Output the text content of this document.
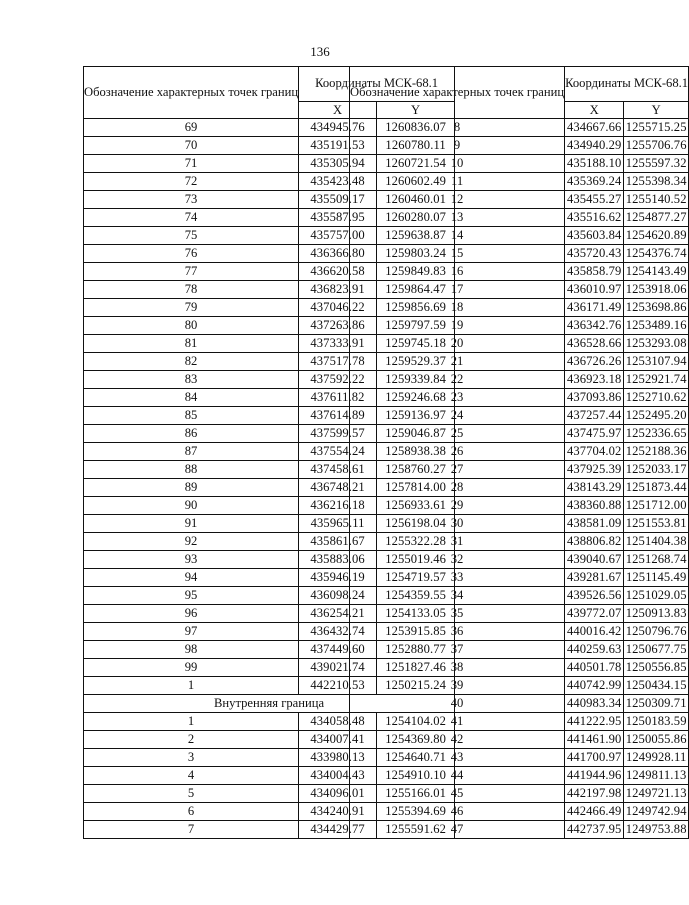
136
Обозначение характерных точек границ	Координаты МСК-68.1	
	X	Y
69	434945.76	1260836.07
70	435191.53	1260780.11
71	435305.94	1260721.54
72	435423.48	1260602.49
73	435509.17	1260460.01
74	435587.95	1260280.07
75	435757.00	1259638.87
76	436366.80	1259803.24
77	436620.58	1259849.83
78	436823.91	1259864.47
79	437046.22	1259856.69
80	437263.86	1259797.59
81	437333.91	1259745.18
82	437517.78	1259529.37
83	437592.22	1259339.84
84	437611.82	1259246.68
85	437614.89	1259136.97
86	437599.57	1259046.87
87	437554.24	1258938.38
88	437458.61	1258760.27
89	436748.21	1257814.00
90	436216.18	1256933.61
91	435965.11	1256198.04
92	435861.67	1255322.28
93	435883.06	1255019.46
94	435946.19	1254719.57
95	436098.24	1254359.55
96	436254.21	1254133.05
97	436432.74	1253915.85
98	437449.60	1252880.77
99	439021.74	1251827.46
1	442210.53	1250215.24
Внутренняя граница		
1	434058.48	1254104.02
2	434007.41	1254369.80
3	433980.13	1254640.71
4	434004.43	1254910.10
5	434096.01	1255166.01
6	434240.91	1255394.69
7	434429.77	1255591.62
Обозначение характерных точек границ	Координаты МСК-68.1	
	X	Y
8	434667.66	1255715.25
9	434940.29	1255706.76
10	435188.10	1255597.32
11	435369.24	1255398.34
12	435455.27	1255140.52
13	435516.62	1254877.27
14	435603.84	1254620.89
15	435720.43	1254376.74
16	435858.79	1254143.49
17	436010.97	1253918.06
18	436171.49	1253698.86
19	436342.76	1253489.16
20	436528.66	1253293.08
21	436726.26	1253107.94
22	436923.18	1252921.74
23	437093.86	1252710.62
24	437257.44	1252495.20
25	437475.97	1252336.65
26	437704.02	1252188.36
27	437925.39	1252033.17
28	438143.29	1251873.44
29	438360.88	1251712.00
30	438581.09	1251553.81
31	438806.82	1251404.38
32	439040.67	1251268.74
33	439281.67	1251145.49
34	439526.56	1251029.05
35	439772.07	1250913.83
36	440016.42	1250796.76
37	440259.63	1250677.75
38	440501.78	1250556.85
39	440742.99	1250434.15
40	440983.34	1250309.71
41	441222.95	1250183.59
42	441461.90	1250055.86
43	441700.97	1249928.11
44	441944.96	1249811.13
45	442197.98	1249721.13
46	442466.49	1249742.94
47	442737.95	1249753.88
